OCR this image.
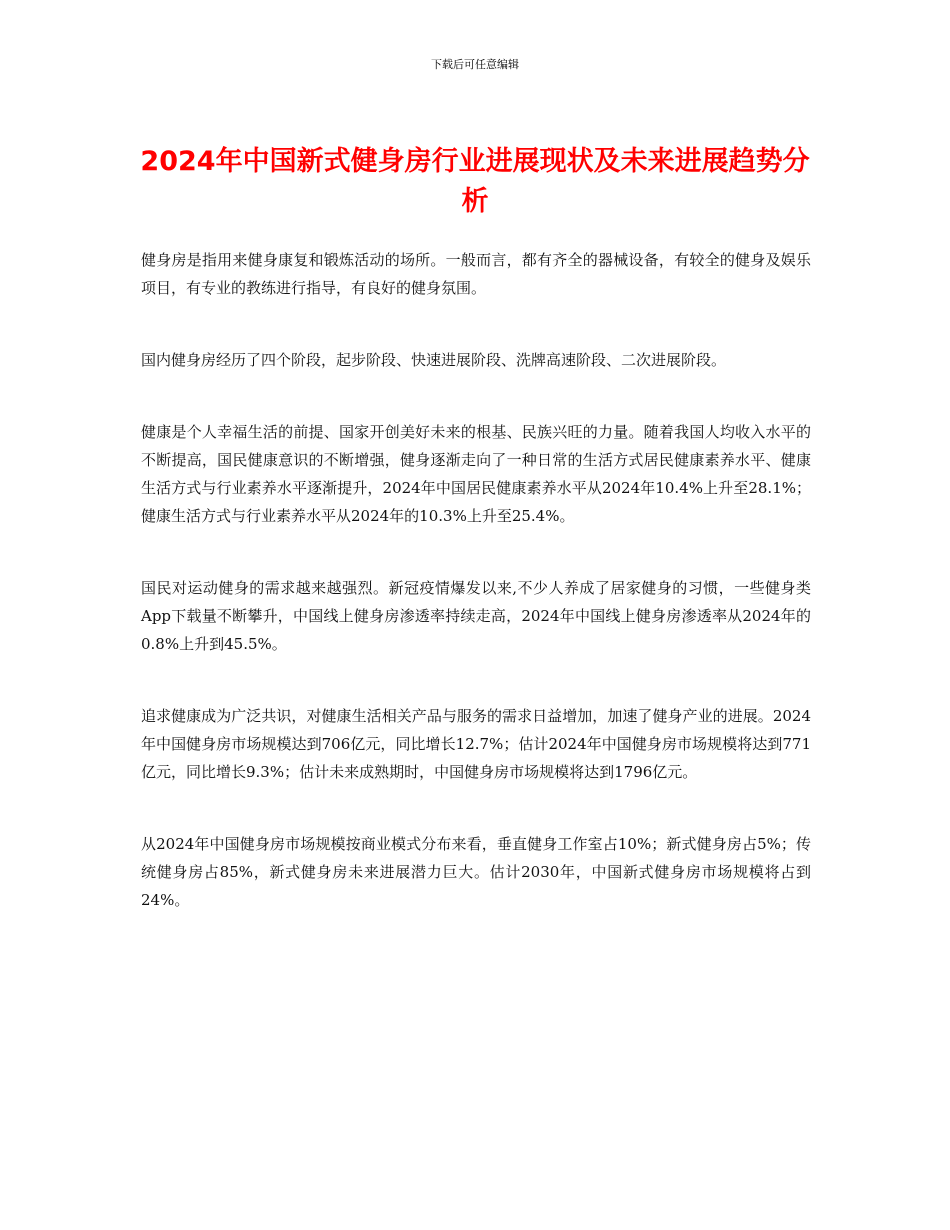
下载后可任意编辑
2024年中国新式健身房行业进展现状及未来进展趋势分析

健身房是指用来健身康复和锻炼活动的场所。一般而言，都有齐全的器械设备，有较全的健身及娱乐项目，有专业的教练进行指导，有良好的健身氛围。

国内健身房经历了四个阶段，起步阶段、快速进展阶段、洗牌高速阶段、二次进展阶段。

健康是个人幸福生活的前提、国家开创美好未来的根基、民族兴旺的力量。随着我国人均收入水平的不断提高，国民健康意识的不断增强，健身逐渐走向了一种日常的生活方式居民健康素养水平、健康生活方式与行业素养水平逐渐提升，2024年中国居民健康素养水平从2024年10.4%上升至28.1%；健康生活方式与行业素养水平从2024年的10.3%上升至25.4%。

国民对运动健身的需求越来越强烈。新冠疫情爆发以来,不少人养成了居家健身的习惯，一些健身类App下载量不断攀升，中国线上健身房渗透率持续走高，2024年中国线上健身房渗透率从2024年的0.8%上升到45.5%。

追求健康成为广泛共识，对健康生活相关产品与服务的需求日益增加，加速了健身产业的进展。2024年中国健身房市场规模达到706亿元，同比增长12.7%；估计2024年中国健身房市场规模将达到771亿元，同比增长9.3%；估计未来成熟期时，中国健身房市场规模将达到1796亿元。

从2024年中国健身房市场规模按商业模式分布来看，垂直健身工作室占10%；新式健身房占5%；传统健身房占85%，新式健身房未来进展潜力巨大。估计2030年，中国新式健身房市场规模将占到24%。
